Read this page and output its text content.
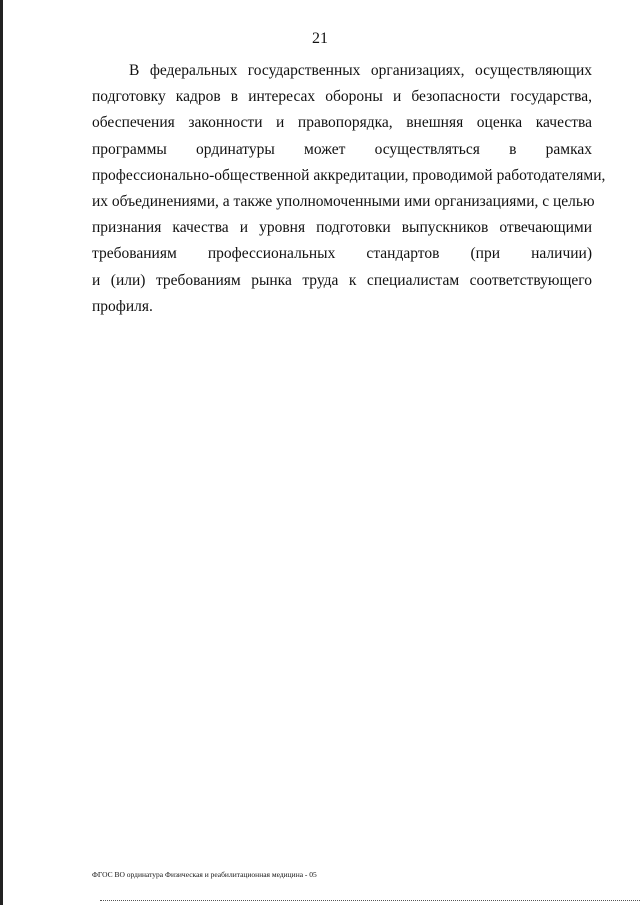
21
В федеральных государственных организациях, осуществляющих
подготовку кадров в интересах обороны и безопасности государства,
обеспечения законности и правопорядка, внешняя оценка качества
программы ординатуры может осуществляться в рамках
профессионально-общественной аккредитации, проводимой работодателями,
их объединениями, а также уполномоченными ими организациями, с целью
признания качества и уровня подготовки выпускников отвечающими
требованиям профессиональных стандартов (при наличии)
и (или) требованиям рынка труда к специалистам соответствующего
профиля.
ФГОС ВО ординатура Физическая и реабилитационная медицина - 05
